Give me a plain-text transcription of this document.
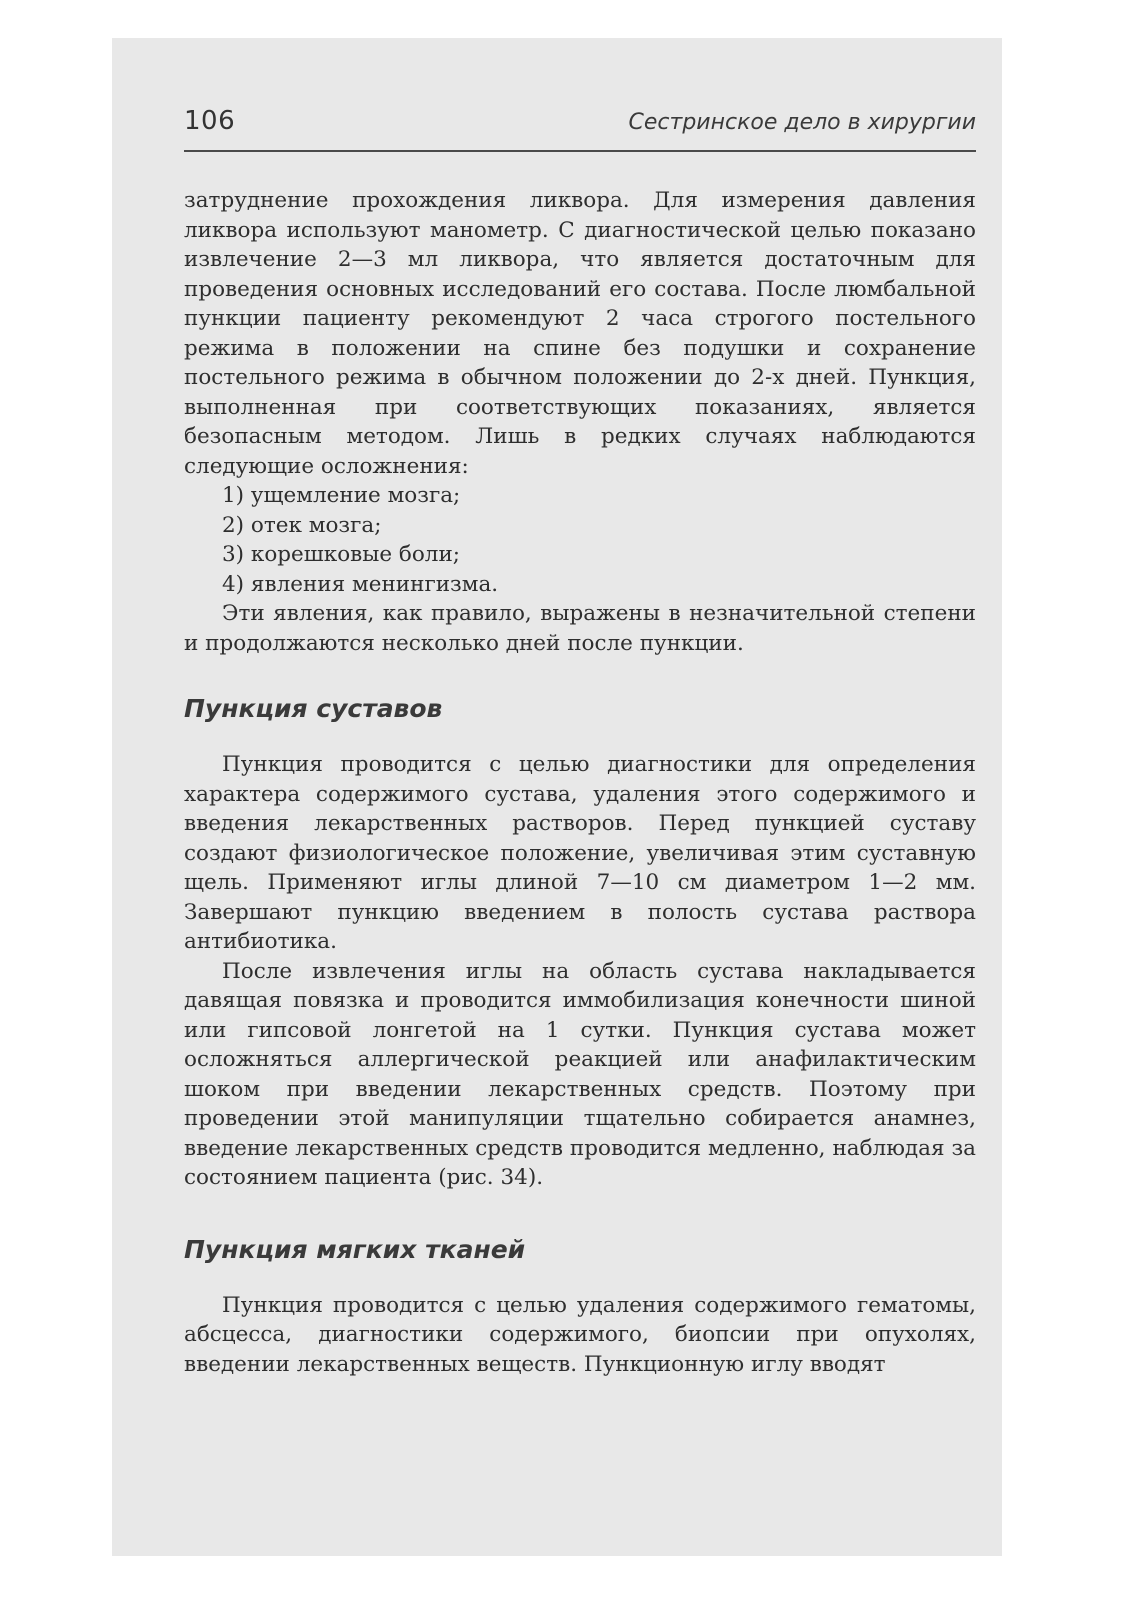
106	Сестринское дело в хирургии

затруднение прохождения ликвора. Для измерения давления ликвора используют манометр. С диагностической целью показано извлечение 2—3 мл ликвора, что является достаточным для проведения основных исследований его состава. После люмбальной пункции пациенту рекомендуют 2 часа строгого постельного режима в положении на спине без подушки и сохранение постельного режима в обычном положении до 2-х дней. Пункция, выполненная при соответствующих показаниях, является безопасным методом. Лишь в редких случаях наблюдаются следующие осложнения:

1) ущемление мозга;
2) отек мозга;
3) корешковые боли;
4) явления менингизма.

Эти явления, как правило, выражены в незначительной степени и продолжаются несколько дней после пункции.

Пункция суставов

Пункция проводится с целью диагностики для определения характера содержимого сустава, удаления этого содержимого и введения лекарственных растворов. Перед пункцией суставу создают физиологическое положение, увеличивая этим суставную щель. Применяют иглы длиной 7—10 см диаметром 1—2 мм. Завершают пункцию введением в полость сустава раствора антибиотика.

После извлечения иглы на область сустава накладывается давящая повязка и проводится иммобилизация конечности шиной или гипсовой лонгетой на 1 сутки. Пункция сустава может осложняться аллергической реакцией или анафилактическим шоком при введении лекарственных средств. Поэтому при проведении этой манипуляции тщательно собирается анамнез, введение лекарственных средств проводится медленно, наблюдая за состоянием пациента (рис. 34).

Пункция мягких тканей

Пункция проводится с целью удаления содержимого гематомы, абсцесса, диагностики содержимого, биопсии при опухолях, введении лекарственных веществ. Пункционную иглу вводят
